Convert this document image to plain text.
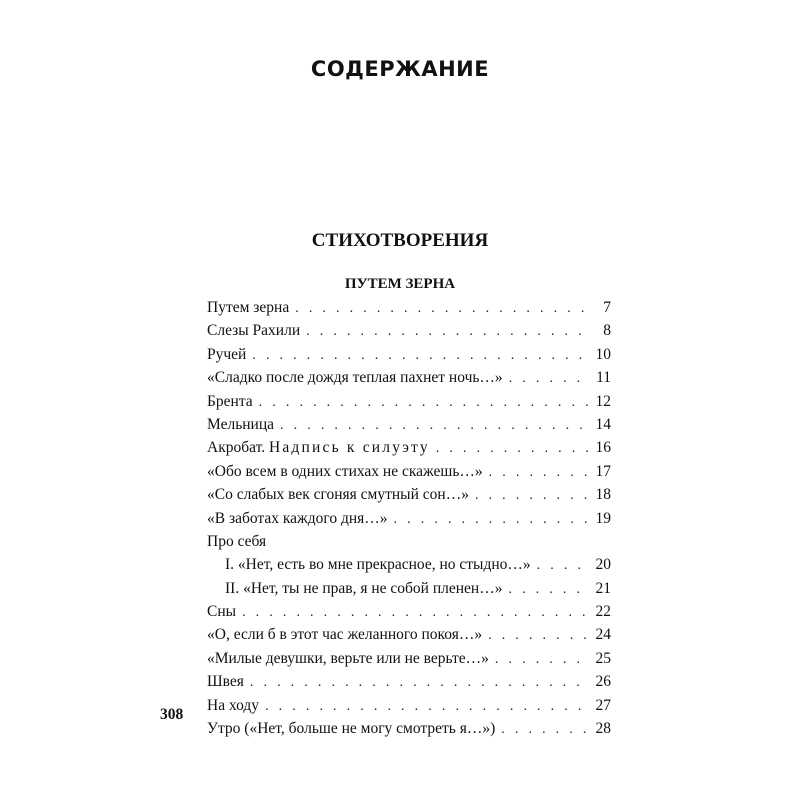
СОДЕРЖАНИЕ
СТИХОТВОРЕНИЯ
ПУТЕМ ЗЕРНА
Путем зерна . . .	7
Слезы Рахили . . .	8
Ручей . . .	10
«Сладко после дождя теплая пахнет ночь…» . . .	11
Брента . . .	12
Мельница . . .	14
Акробат. Надпись к силуэту . . .	16
«Обо всем в одних стихах не скажешь…» . . .	17
«Со слабых век сгоняя смутный сон…» . . .	18
«В заботах каждого дня…» . . .	19
Про себя
I. «Нет, есть во мне прекрасное, но стыдно…» . . .	20
II. «Нет, ты не прав, я не собой пленен…» . . .	21
Сны . . .	22
«О, если б в этот час желанного покоя…» . . .	24
«Милые девушки, верьте или не верьте…» . . .	25
Швея . . .	26
На ходу . . .	27
Утро («Нет, больше не могу смотреть я…») . . .	28
308
